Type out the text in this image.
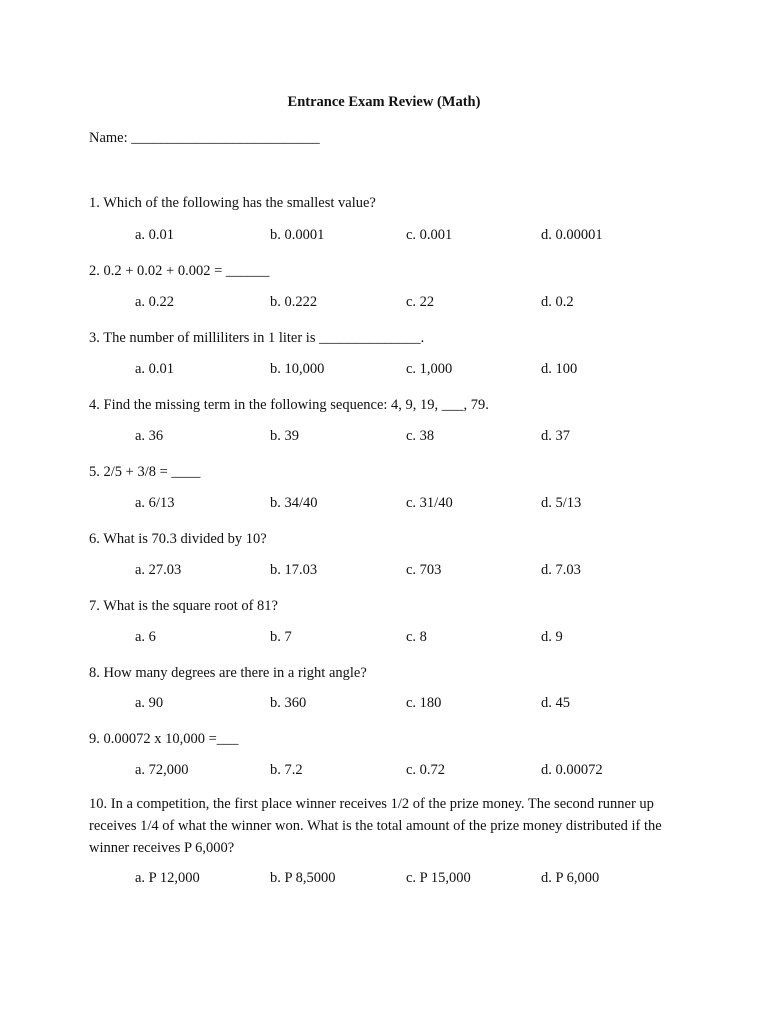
Entrance Exam Review (Math)
Name: __________________________
1. Which of the following has the smallest value?
a. 0.01	b. 0.0001	c. 0.001	d. 0.00001
2. 0.2 + 0.02 + 0.002 = ______
a. 0.22	b. 0.222	c. 22	d. 0.2
3. The number of milliliters in 1 liter is ______________.
a. 0.01	b. 10,000	c. 1,000	d. 100
4. Find the missing term in the following sequence: 4, 9, 19, ___, 79.
a. 36	b. 39	c. 38	d. 37
5. 2/5 + 3/8 = ____
a. 6/13	b. 34/40	c. 31/40	d. 5/13
6. What is 70.3 divided by 10?
a. 27.03	b. 17.03	c. 703	d. 7.03
7. What is the square root of 81?
a. 6	b. 7	c. 8	d. 9
8. How many degrees are there in a right angle?
a. 90	b. 360	c. 180	d. 45
9. 0.00072 x 10,000 =___
a. 72,000	b. 7.2	c. 0.72	d. 0.00072
10. In a competition, the first place winner receives 1/2 of the prize money. The second runner up receives 1/4 of what the winner won. What is the total amount of the prize money distributed if the winner receives P 6,000?
a. P 12,000	b. P 8,5000	c. P 15,000	d. P 6,000
